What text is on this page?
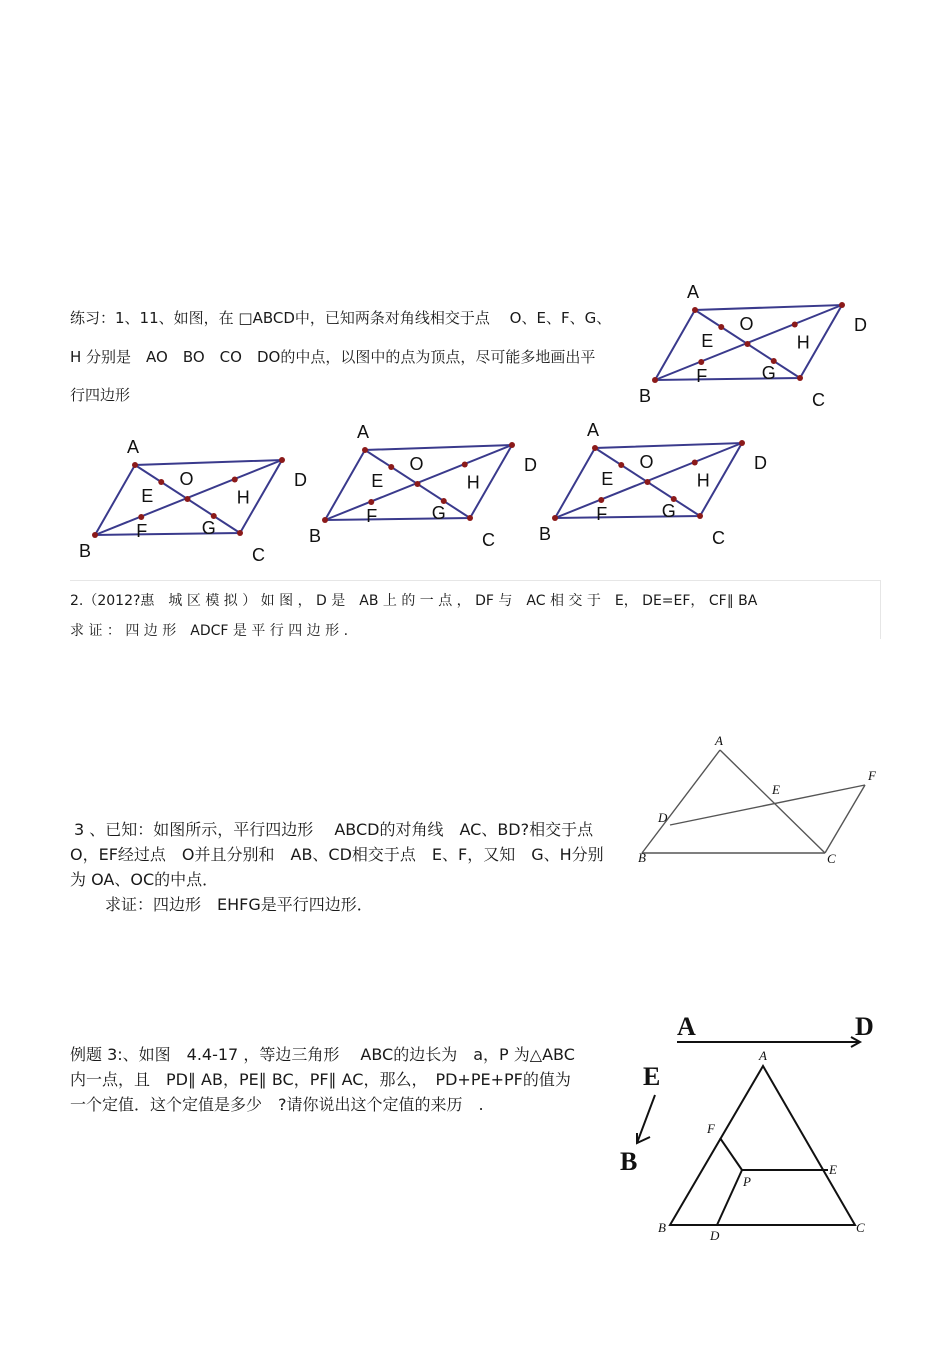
练习：1、11、如图，在 □ABCD中，已知两条对角线相交于点　 O、E、F、G、
H 分别是　AO　BO　CO　DO的中点，以图中的点为顶点，尽可能多地画出平
行四边形
A
B	C
D
O
E
F	G
H
A
B	C
D
O
E
F	G
H
A
B	C
D
O
E
F	G
H
A
B	C
D
O
E
F	G
H
2.（2012?惠　城 区 模 拟 ） 如 图 ， D 是　AB 上 的 一 点 ， DF 与　AC 相 交 于　E， DE=EF， CF∥ BA
求 证 ： 四 边 形　ADCF 是 平 行 四 边 形 .
A
B	C
D
E
F
3 、已知：如图所示，平行四边形　 ABCD的对角线　AC、BD?相交于点
O，EF经过点　O并且分别和　AB、CD相交于点　E、F，又知　G、H分别
为 OA、OC的中点．
求证：四边形　EHFG是平行四边形．
例题 3:、如图　4.4-17 ，等边三角形　 ABC的边长为　a，P 为△ABC
内一点，且　PD∥ AB，PE∥ BC，PF∥ AC，那么，　PD+PE+PF的值为
一个定值．这个定值是多少　?请你说出这个定值的来历　.
A	D
E
B
A
B	C
D
E
F
P
